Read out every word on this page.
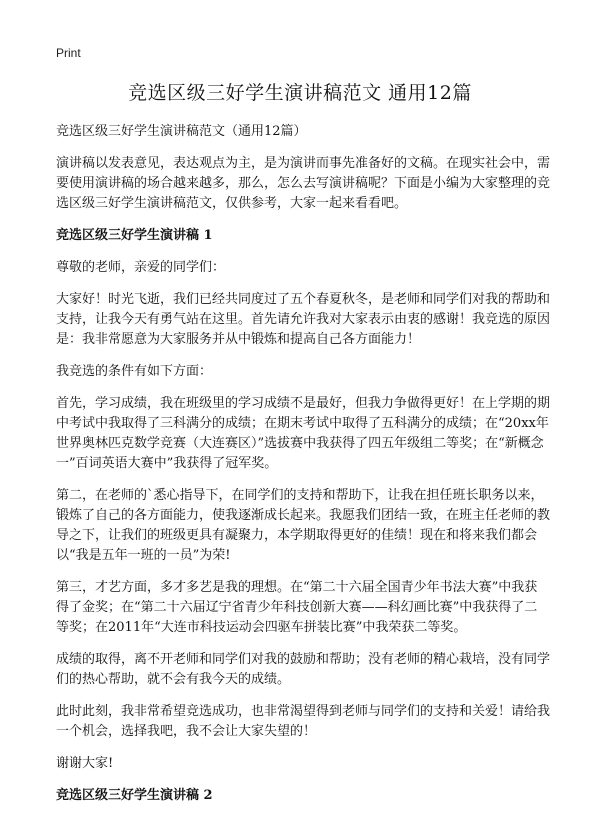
Print
竞选区级三好学生演讲稿范文 通用12篇

竞选区级三好学生演讲稿范文（通用12篇）

演讲稿以发表意见，表达观点为主，是为演讲而事先准备好的文稿。在现实社会中，需要使用演讲稿的场合越来越多，那么，怎么去写演讲稿呢？下面是小编为大家整理的竞选区级三好学生演讲稿范文，仅供参考，大家一起来看看吧。

竞选区级三好学生演讲稿 1

尊敬的老师，亲爱的同学们：

大家好！时光飞逝，我们已经共同度过了五个春夏秋冬，是老师和同学们对我的帮助和支持，让我今天有勇气站在这里。首先请允许我对大家表示由衷的感谢！我竞选的原因是：我非常愿意为大家服务并从中锻炼和提高自己各方面能力！

我竞选的条件有如下方面：

首先，学习成绩，我在班级里的学习成绩不是最好，但我力争做得更好！在上学期的期中考试中我取得了三科满分的成绩；在期末考试中取得了五科满分的成绩；在“20xx年世界奥林匹克数学竞赛（大连赛区）”选拔赛中我获得了四五年级组二等奖；在“新概念一”百词英语大赛中”我获得了冠军奖。

第二，在老师的`悉心指导下，在同学们的支持和帮助下，让我在担任班长职务以来，锻炼了自己的各方面能力，使我逐渐成长起来。我愿我们团结一致，在班主任老师的教导之下，让我们的班级更具有凝聚力，本学期取得更好的佳绩！现在和将来我们都会以“我是五年一班的一员”为荣!

第三，才艺方面，多才多艺是我的理想。在“第二十六届全国青少年书法大赛”中我获得了金奖；在“第二十六届辽宁省青少年科技创新大赛——科幻画比赛”中我获得了二等奖；在2011年“大连市科技运动会四驱车拼装比赛”中我荣获二等奖。

成绩的取得，离不开老师和同学们对我的鼓励和帮助；没有老师的精心栽培，没有同学们的热心帮助，就不会有我今天的成绩。

此时此刻，我非常希望竞选成功，也非常渴望得到老师与同学们的支持和关爱！请给我一个机会，选择我吧，我不会让大家失望的！

谢谢大家!

竞选区级三好学生演讲稿 2
